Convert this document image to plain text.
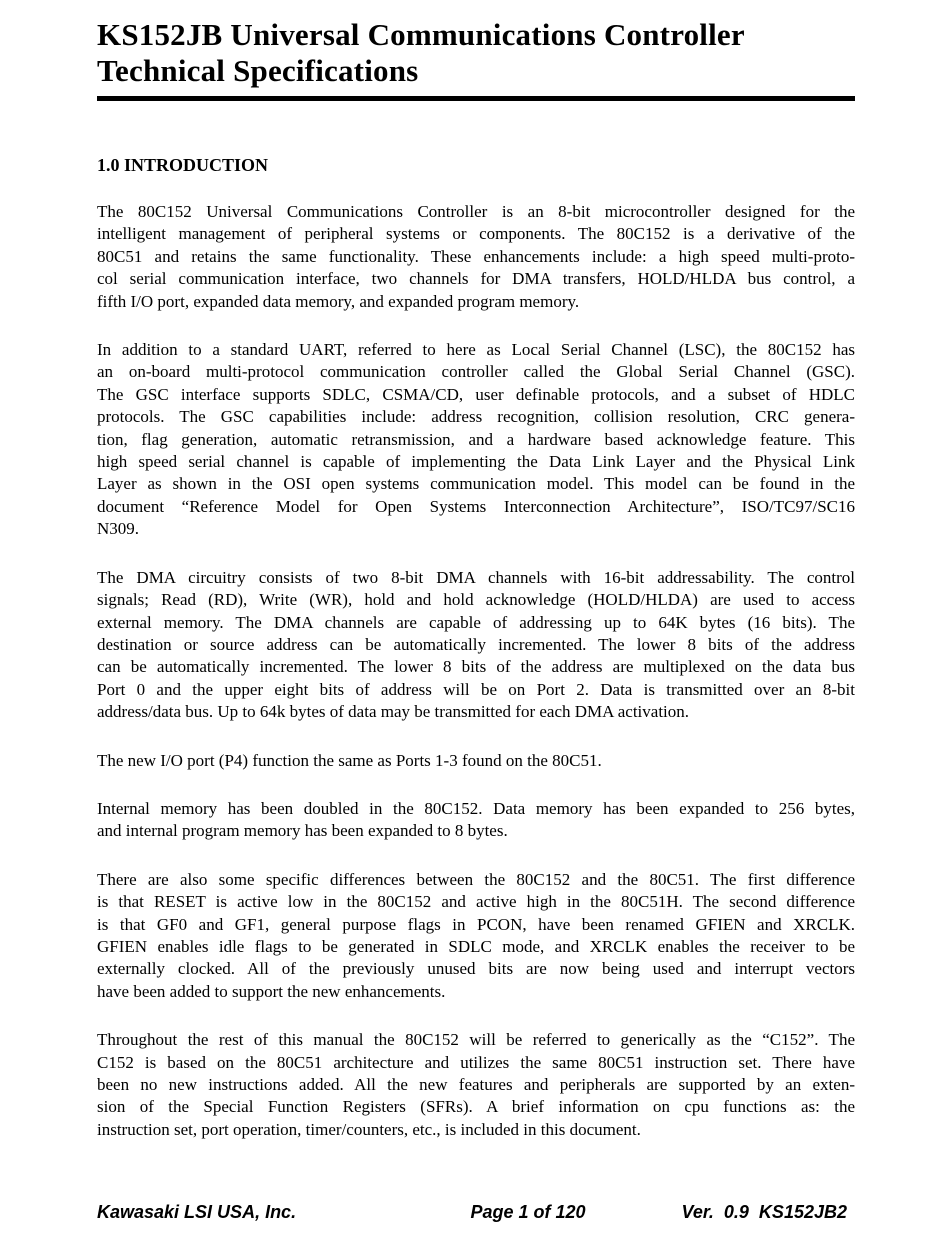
KS152JB Universal Communications Controller
Technical Specifications
1.0 INTRODUCTION
The 80C152 Universal Communications Controller is an 8-bit microcontroller designed for the
intelligent management of peripheral systems or components. The 80C152 is a derivative of the
80C51 and retains the same functionality. These enhancements include: a high speed multi-proto-
col serial communication interface, two channels for DMA transfers, HOLD/HLDA bus control, a
fifth I/O port, expanded data memory, and expanded program memory.
In addition to a standard UART, referred to here as Local Serial Channel (LSC), the 80C152 has
an on-board multi-protocol communication controller called the Global Serial Channel (GSC).
The GSC interface supports SDLC, CSMA/CD, user definable protocols, and a subset of HDLC
protocols. The GSC capabilities include: address recognition, collision resolution, CRC genera-
tion, flag generation, automatic retransmission, and a hardware based acknowledge feature. This
high speed serial channel is capable of implementing the Data Link Layer and the Physical Link
Layer as shown in the OSI open systems communication model. This model can be found in the
document “Reference Model for Open Systems Interconnection Architecture”, ISO/TC97/SC16
N309.
The DMA circuitry consists of two 8-bit DMA channels with 16-bit addressability. The control
signals; Read (RD), Write (WR), hold and hold acknowledge (HOLD/HLDA) are used to access
external memory. The DMA channels are capable of addressing up to 64K bytes (16 bits). The
destination or source address can be automatically incremented. The lower 8 bits of the address
can be automatically incremented. The lower 8 bits of the address are multiplexed on the data bus
Port 0 and the upper eight bits of address will be on Port 2. Data is transmitted over an 8-bit
address/data bus. Up to 64k bytes of data may be transmitted for each DMA activation.
The new I/O port (P4) function the same as Ports 1-3 found on the 80C51.
Internal memory has been doubled in the 80C152. Data memory has been expanded to 256 bytes,
and internal program memory has been expanded to 8 bytes.
There are also some specific differences between the 80C152 and the 80C51. The first difference
is that RESET is active low in the 80C152 and active high in the 80C51H. The second difference
is that GF0 and GF1, general purpose flags in PCON, have been renamed GFIEN and XRCLK.
GFIEN enables idle flags to be generated in SDLC mode, and XRCLK enables the receiver to be
externally clocked. All of the previously unused bits are now being used and interrupt vectors
have been added to support the new enhancements.
Throughout the rest of this manual the 80C152 will be referred to generically as the “C152”. The
C152 is based on the 80C51 architecture and utilizes the same 80C51 instruction set. There have
been no new instructions added. All the new features and peripherals are supported by an exten-
sion of the Special Function Registers (SFRs). A brief information on cpu functions as: the
instruction set, port operation, timer/counters, etc., is included in this document.
Kawasaki LSI USA, Inc.	Page 1 of 120	Ver.  0.9  KS152JB2
